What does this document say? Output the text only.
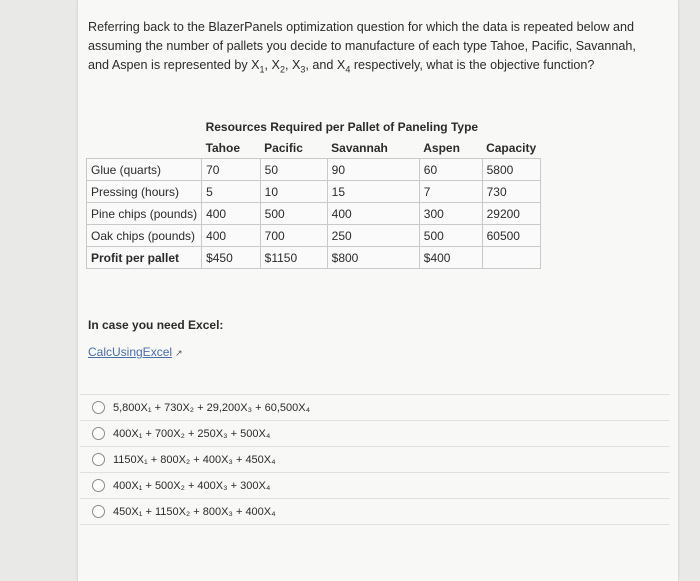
Referring back to the BlazerPanels optimization question for which the data is repeated below and
assuming the number of pallets you decide to manufacture of each type Tahoe, Pacific, Savannah,
and Aspen is represented by $X_1$, $X_2$, $X_3$, and $X_4$ respectively, what is the objective function?
	Resources Required per Pallet of Paneling Type				
	Tahoe	Pacific	Savannah	Aspen	Capacity
Glue (quarts)	70	50	90	60	5800
Pressing (hours)	5	10	15	7	730
Pine chips (pounds)	400	500	400	300	29200
Oak chips (pounds)	400	700	250	500	60500
Profit per pallet	$450	$1150	$800	$400	
In case you need Excel:
CalcUsingExcel ↗
5,800X₁ + 730X₂ + 29,200X₃ + 60,500X₄
400X₁ + 700X₂ + 250X₃ + 500X₄
1150X₁ + 800X₂ + 400X₃ + 450X₄
400X₁ + 500X₂ + 400X₃ + 300X₄
450X₁ + 1150X₂ + 800X₃ + 400X₄
